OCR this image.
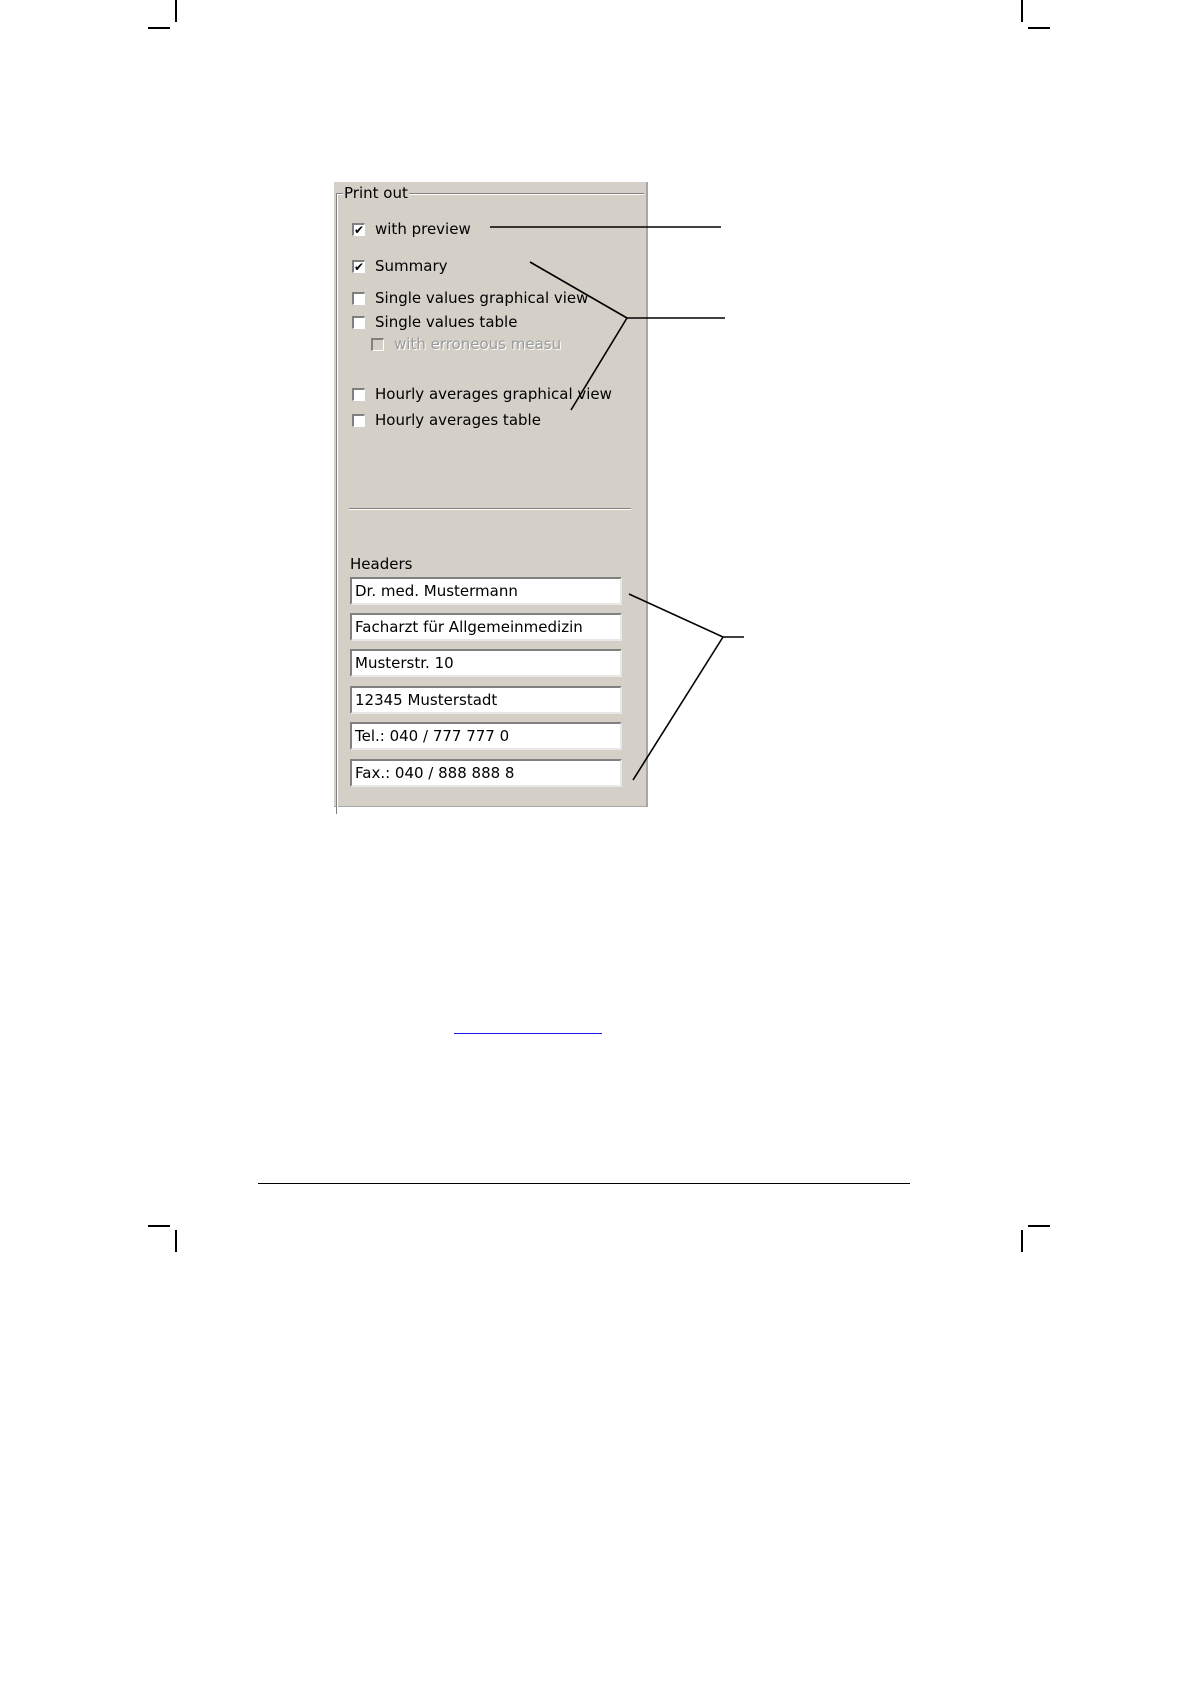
Print out
✔ with preview
✔ Summary
Single values graphical view
Single values table
with erroneous measu
Hourly averages graphical view
Hourly averages table
Headers
Dr. med. Mustermann
Facharzt für Allgemeinmedizin
Musterstr. 10
12345 Musterstadt
Tel.: 040 / 777 777 0
Fax.: 040 / 888 888 8
